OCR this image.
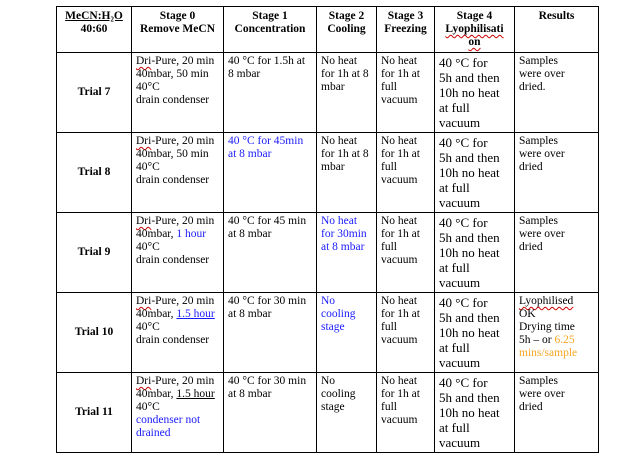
MeCN:H₂O
40:60	Stage 0
Remove MeCN	Stage 1
Concentration	Stage 2
Cooling	Stage 3
Freezing	Stage 4
Lyophilisati
on	Results

Trial 7	Dri-Pure, 20 min
40mbar, 50 min
40°C
drain condenser	40 °C for 1.5h at
8 mbar	No heat
for 1h at 8
mbar	No heat
for 1h at
full
vacuum	40 °C for
5h and then
10h no heat
at full
vacuum	Samples
were over
dried.

Trial 8	Dri-Pure, 20 min
40mbar, 50 min
40°C
drain condenser	40 °C for 45min
at 8 mbar	No heat
for 1h at 8
mbar	No heat
for 1h at
full
vacuum	40 °C for
5h and then
10h no heat
at full
vacuum	Samples
were over
dried

Trial 9	Dri-Pure, 20 min
40mbar, 1 hour
40°C
drain condenser	40 °C for 45 min
at 8 mbar	No heat
for 30min
at 8 mbar	No heat
for 1h at
full
vacuum	40 °C for
5h and then
10h no heat
at full
vacuum	Samples
were over
dried

Trial 10	Dri-Pure, 20 min
40mbar, 1.5 hour
40°C
drain condenser	40 °C for 30 min
at 8 mbar	No
cooling
stage	No heat
for 1h at
full
vacuum	40 °C for
5h and then
10h no heat
at full
vacuum	Lyophilised
OK
Drying time
5h – or 6.25
mins/sample

Trial 11	Dri-Pure, 20 min
40mbar, 1.5 hour
40°C
condenser not
drained	40 °C for 30 min
at 8 mbar	No
cooling
stage	No heat
for 1h at
full
vacuum	40 °C for
5h and then
10h no heat
at full
vacuum	Samples
were over
dried
